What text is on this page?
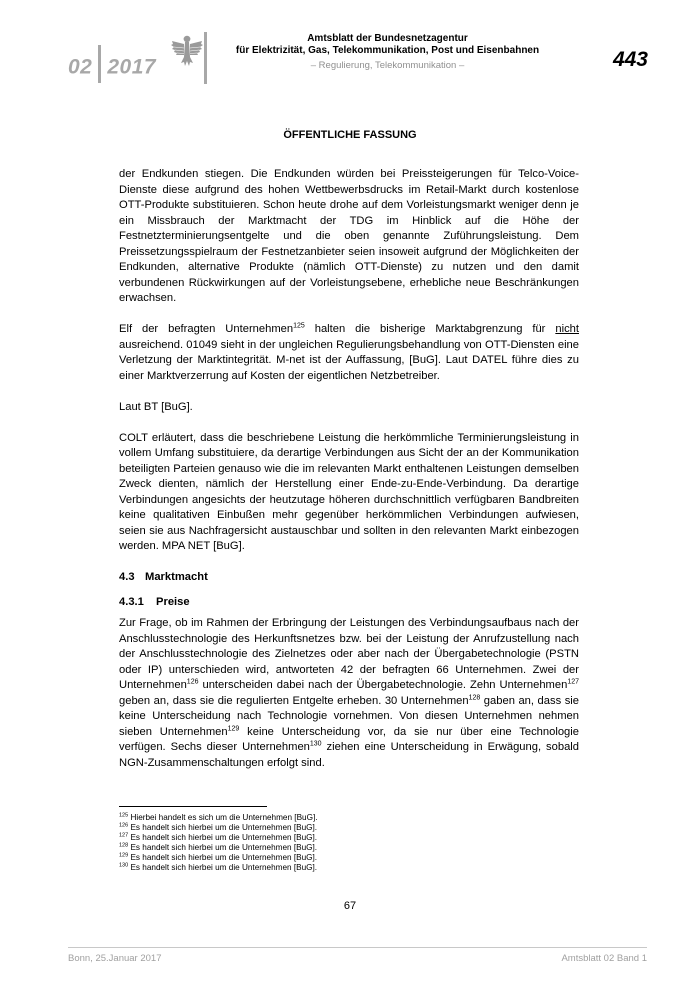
02 2017
Amtsblatt der Bundesnetzagentur
für Elektrizität, Gas, Telekommunikation, Post und Eisenbahnen
– Regulierung, Telekommunikation –	443
ÖFFENTLICHE FASSUNG

der Endkunden stiegen. Die Endkunden würden bei Preissteigerungen für Telco-Voice-Dienste diese aufgrund des hohen Wettbewerbsdrucks im Retail-Markt durch kostenlose OTT-Produkte substituieren. Schon heute drohe auf dem Vorleistungsmarkt weniger denn je ein Missbrauch der Marktmacht der TDG im Hinblick auf die Höhe der Festnetzterminierungsentgelte und die oben genannte Zuführungsleistung. Dem Preissetzungsspielraum der Festnetzanbieter seien insoweit aufgrund der Möglichkeiten der Endkunden, alternative Produkte (nämlich OTT-Dienste) zu nutzen und den damit verbundenen Rückwirkungen auf der Vorleistungsebene, erhebliche neue Beschränkungen erwachsen.

Elf der befragten Unternehmen$^{125}$ halten die bisherige Marktabgrenzung für nicht ausreichend. 01049 sieht in der ungleichen Regulierungsbehandlung von OTT-Diensten eine Verletzung der Marktintegrität. M-net ist der Auffassung, [BuG]. Laut DATEL führe dies zu einer Marktverzerrung auf Kosten der eigentlichen Netzbetreiber.

Laut BT [BuG].

COLT erläutert, dass die beschriebene Leistung die herkömmliche Terminierungsleistung in vollem Umfang substituiere, da derartige Verbindungen aus Sicht der an der Kommunikation beteiligten Parteien genauso wie die im relevanten Markt enthaltenen Leistungen demselben Zweck dienten, nämlich der Herstellung einer Ende-zu-Ende-Verbindung. Da derartige Verbindungen angesichts der heutzutage höheren durchschnittlich verfügbaren Bandbreiten keine qualitativen Einbußen mehr gegenüber herkömmlichen Verbindungen aufwiesen, seien sie aus Nachfragersicht austauschbar und sollten in den relevanten Markt einbezogen werden. MPA NET [BuG].

4.3 Marktmacht
4.3.1 Preise

Zur Frage, ob im Rahmen der Erbringung der Leistungen des Verbindungsaufbaus nach der Anschlusstechnologie des Herkunftsnetzes bzw. bei der Leistung der Anrufzustellung nach der Anschlusstechnologie des Zielnetzes oder aber nach der Übergabetechnologie (PSTN oder IP) unterschieden wird, antworteten 42 der befragten 66 Unternehmen. Zwei der Unternehmen$^{126}$ unterscheiden dabei nach der Übergabetechnologie. Zehn Unternehmen$^{127}$ geben an, dass sie die regulierten Entgelte erheben. 30 Unternehmen$^{128}$ gaben an, dass sie keine Unterscheidung nach Technologie vornehmen. Von diesen Unternehmen nehmen sieben Unternehmen$^{129}$ keine Unterscheidung vor, da sie nur über eine Technologie verfügen. Sechs dieser Unternehmen$^{130}$ ziehen eine Unterscheidung in Erwägung, sobald NGN-Zusammenschaltungen erfolgt sind.

$^{125}$ Hierbei handelt es sich um die Unternehmen [BuG].
$^{126}$ Es handelt sich hierbei um die Unternehmen [BuG].
$^{127}$ Es handelt sich hierbei um die Unternehmen [BuG].
$^{128}$ Es handelt sich hierbei um die Unternehmen [BuG].
$^{129}$ Es handelt sich hierbei um die Unternehmen [BuG].
$^{130}$ Es handelt sich hierbei um die Unternehmen [BuG].
67
Bonn, 25.Januar 2017	Amtsblatt 02 Band 1
